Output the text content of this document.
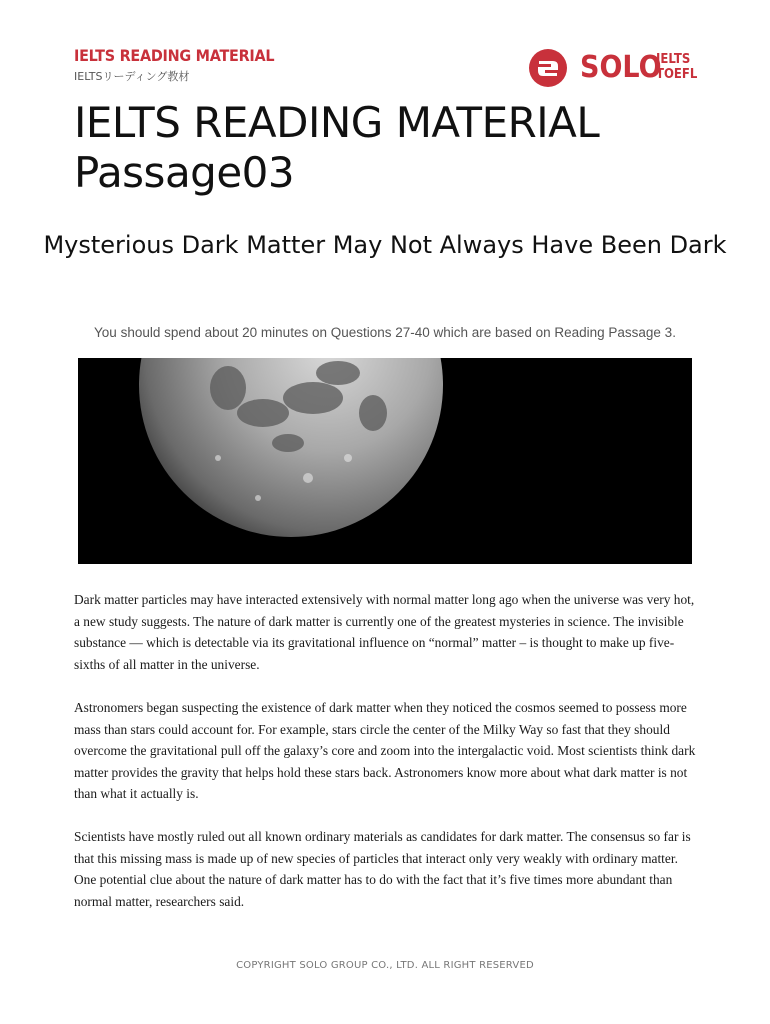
IELTS READING MATERIAL
IELTSリーディング教材	SOLO
IELTS
TOEFL
IELTS READING MATERIAL
Passage03
Mysterious Dark Matter May Not Always Have Been Dark
You should spend about 20 minutes on Questions 27-40 which are based on Reading Passage 3.

Dark matter particles may have interacted extensively with normal matter long ago when the universe was very hot, a new study suggests. The nature of dark matter is currently one of the greatest mysteries in science. The invisible substance — which is detectable via its gravitational influence on “normal” matter – is thought to make up five-sixths of all matter in the universe.

Astronomers began suspecting the existence of dark matter when they noticed the cosmos seemed to possess more mass than stars could account for. For example, stars circle the center of the Milky Way so fast that they should overcome the gravitational pull off the galaxy’s core and zoom into the intergalactic void. Most scientists think dark matter provides the gravity that helps hold these stars back. Astronomers know more about what dark matter is not than what it actually is.

Scientists have mostly ruled out all known ordinary materials as candidates for dark matter. The consensus so far is that this missing mass is made up of new species of particles that interact only very weakly with ordinary matter. One potential clue about the nature of dark matter has to do with the fact that it’s five times more abundant than normal matter, researchers said.

COPYRIGHT SOLO GROUP CO., LTD. ALL RIGHT RESERVED
